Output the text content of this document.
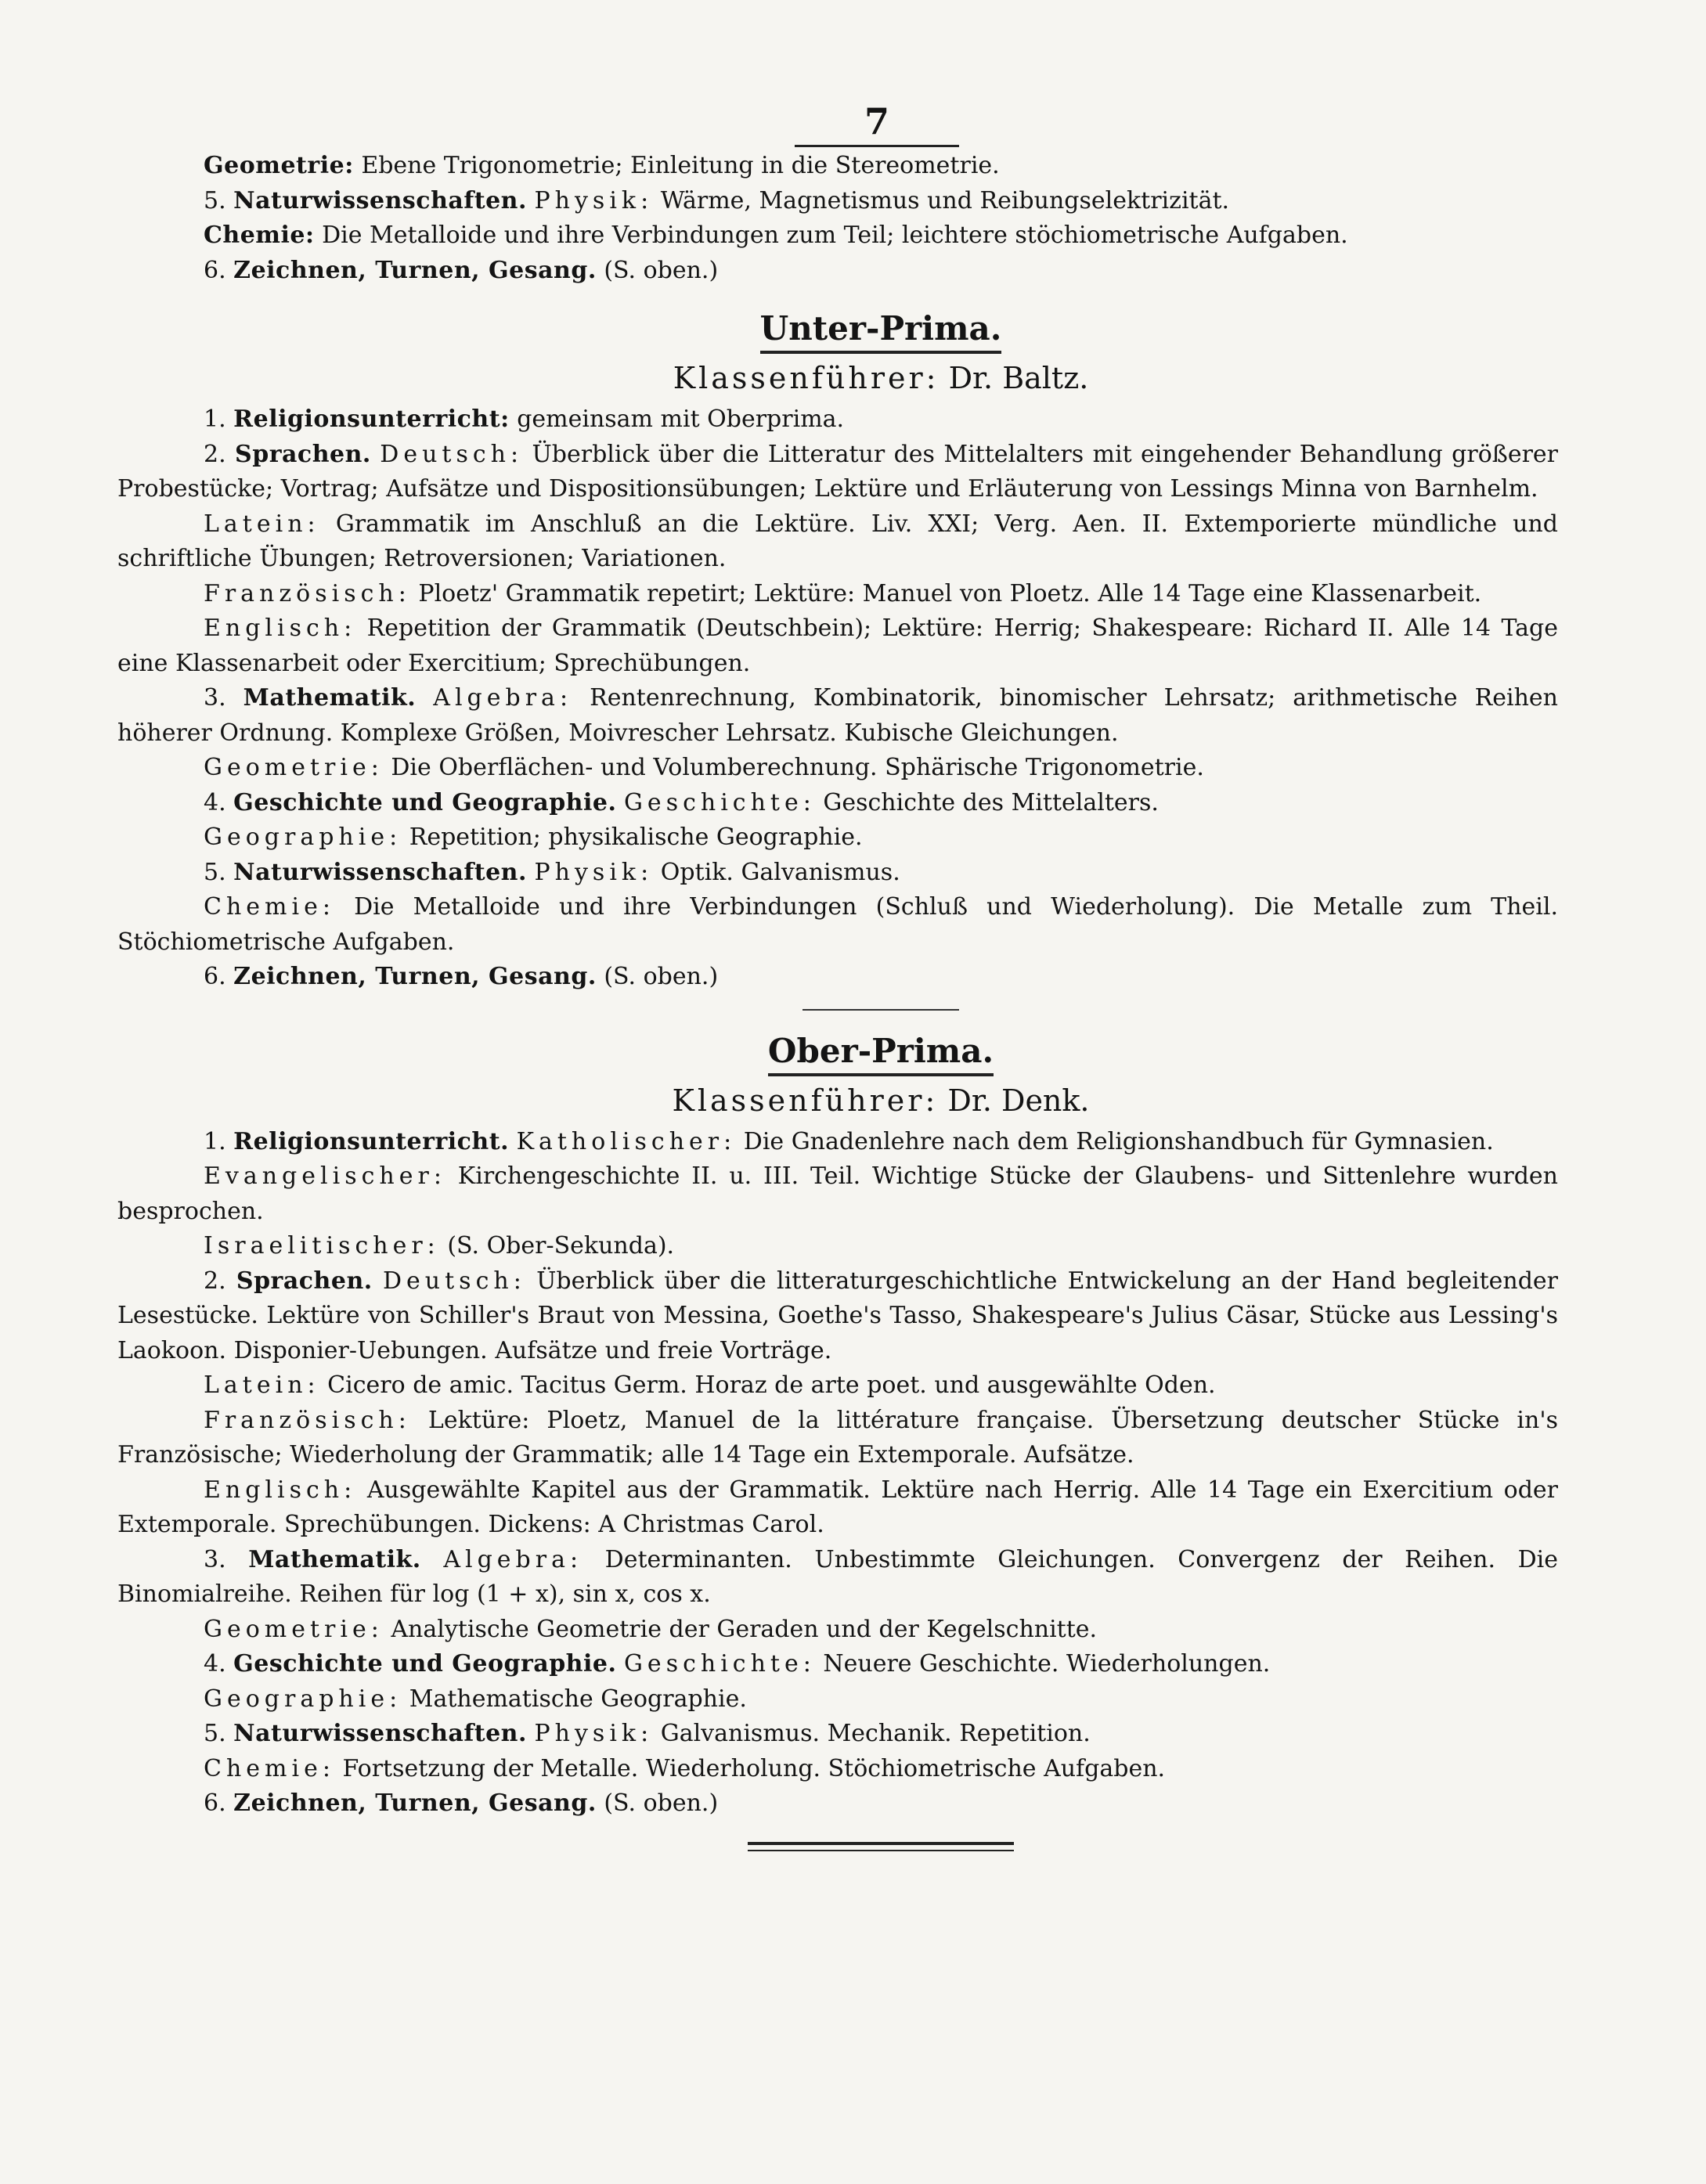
7

Geometrie: Ebene Trigonometrie; Einleitung in die Stereometrie.

5. Naturwissenschaften. Physik: Wärme, Magnetismus und Reibungselektrizität.

Chemie: Die Metalloide und ihre Verbindungen zum Teil; leichtere stöchiometrische Aufgaben.

6. Zeichnen, Turnen, Gesang. (S. oben.)

Unter-Prima.
Klassenführer: Dr. Baltz.

1. Religionsunterricht: gemeinsam mit Oberprima.

2. Sprachen. Deutsch: Überblick über die Litteratur des Mittelalters mit eingehender Behandlung größerer Probestücke; Vortrag; Aufsätze und Dispositionsübungen; Lektüre und Erläuterung von Lessings Minna von Barnhelm.

Latein: Grammatik im Anschluß an die Lektüre. Liv. XXI; Verg. Aen. II. Extemporierte mündliche und schriftliche Übungen; Retroversionen; Variationen.

Französisch: Ploetz' Grammatik repetirt; Lektüre: Manuel von Ploetz. Alle 14 Tage eine Klassenarbeit.

Englisch: Repetition der Grammatik (Deutschbein); Lektüre: Herrig; Shakespeare: Richard II. Alle 14 Tage eine Klassenarbeit oder Exercitium; Sprechübungen.

3. Mathematik. Algebra: Rentenrechnung, Kombinatorik, binomischer Lehrsatz; arithmetische Reihen höherer Ordnung. Komplexe Größen, Moivrescher Lehrsatz. Kubische Gleichungen.

Geometrie: Die Oberflächen- und Volumberechnung. Sphärische Trigonometrie.

4. Geschichte und Geographie. Geschichte: Geschichte des Mittelalters.

Geographie: Repetition; physikalische Geographie.

5. Naturwissenschaften. Physik: Optik. Galvanismus.

Chemie: Die Metalloide und ihre Verbindungen (Schluß und Wiederholung). Die Metalle zum Theil. Stöchiometrische Aufgaben.

6. Zeichnen, Turnen, Gesang. (S. oben.)

Ober-Prima.
Klassenführer: Dr. Denk.

1. Religionsunterricht. Katholischer: Die Gnadenlehre nach dem Religionshandbuch für Gymnasien.

Evangelischer: Kirchengeschichte II. u. III. Teil. Wichtige Stücke der Glaubens- und Sittenlehre wurden besprochen.

Israelitischer: (S. Ober-Sekunda).

2. Sprachen. Deutsch: Überblick über die litteraturgeschichtliche Entwickelung an der Hand begleitender Lesestücke. Lektüre von Schiller's Braut von Messina, Goethe's Tasso, Shakespeare's Julius Cäsar, Stücke aus Lessing's Laokoon. Disponier-Uebungen. Aufsätze und freie Vorträge.

Latein: Cicero de amic. Tacitus Germ. Horaz de arte poet. und ausgewählte Oden.

Französisch: Lektüre: Ploetz, Manuel de la littérature française. Übersetzung deutscher Stücke in's Französische; Wiederholung der Grammatik; alle 14 Tage ein Extemporale. Aufsätze.

Englisch: Ausgewählte Kapitel aus der Grammatik. Lektüre nach Herrig. Alle 14 Tage ein Exercitium oder Extemporale. Sprechübungen. Dickens: A Christmas Carol.

3. Mathematik. Algebra: Determinanten. Unbestimmte Gleichungen. Convergenz der Reihen. Die Binomialreihe. Reihen für log (1 + x), sin x, cos x.

Geometrie: Analytische Geometrie der Geraden und der Kegelschnitte.

4. Geschichte und Geographie. Geschichte: Neuere Geschichte. Wiederholungen.

Geographie: Mathematische Geographie.

5. Naturwissenschaften. Physik: Galvanismus. Mechanik. Repetition.

Chemie: Fortsetzung der Metalle. Wiederholung. Stöchiometrische Aufgaben.

6. Zeichnen, Turnen, Gesang. (S. oben.)
